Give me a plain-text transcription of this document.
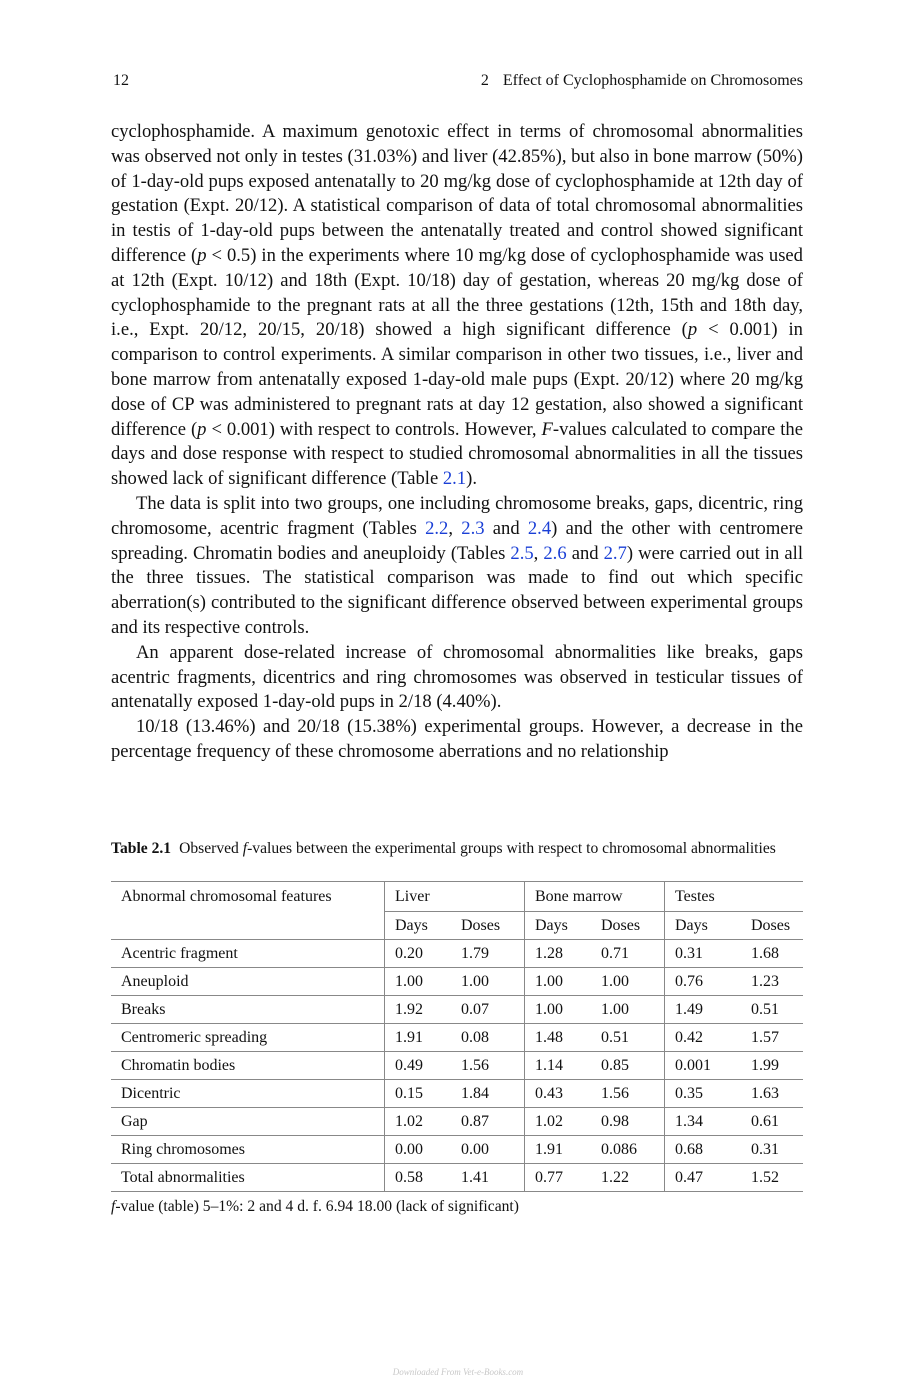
12	2 Effect of Cyclophosphamide on Chromosomes

cyclophosphamide. A maximum genotoxic effect in terms of chromosomal abnormalities was observed not only in testes (31.03%) and liver (42.85%), but also in bone marrow (50%) of 1-day-old pups exposed antenatally to 20 mg/kg dose of cyclophosphamide at 12th day of gestation (Expt. 20/12). A statistical comparison of data of total chromosomal abnormalities in testis of 1-day-old pups between the antenatally treated and control showed significant difference (p < 0.5) in the experiments where 10 mg/kg dose of cyclophosphamide was used at 12th (Expt. 10/12) and 18th (Expt. 10/18) day of gestation, whereas 20 mg/kg dose of cyclophosphamide to the pregnant rats at all the three gestations (12th, 15th and 18th day, i.e., Expt. 20/12, 20/15, 20/18) showed a high significant difference (p < 0.001) in comparison to control experiments. A similar comparison in other two tissues, i.e., liver and bone marrow from antenatally exposed 1-day-old male pups (Expt. 20/12) where 20 mg/kg dose of CP was administered to pregnant rats at day 12 gestation, also showed a significant difference (p < 0.001) with respect to controls. However, F-values calculated to compare the days and dose response with respect to studied chromosomal abnormalities in all the tissues showed lack of significant difference (Table 2.1).

The data is split into two groups, one including chromosome breaks, gaps, dicentric, ring chromosome, acentric fragment (Tables 2.2, 2.3 and 2.4) and the other with centromere spreading. Chromatin bodies and aneuploidy (Tables 2.5, 2.6 and 2.7) were carried out in all the three tissues. The statistical comparison was made to find out which specific aberration(s) contributed to the significant difference observed between experimental groups and its respective controls.

An apparent dose-related increase of chromosomal abnormalities like breaks, gaps acentric fragments, dicentrics and ring chromosomes was observed in testicular tissues of antenatally exposed 1-day-old pups in 2/18 (4.40%).

10/18 (13.46%) and 20/18 (15.38%) experimental groups. However, a decrease in the percentage frequency of these chromosome aberrations and no relationship

Table 2.1 Observed f-values between the experimental groups with respect to chromosomal abnormalities
Abnormal chromosomal features	Liver		Bone marrow		Testes	
	Days	Doses	Days	Doses	Days	Doses
Acentric fragment	0.20	1.79	1.28	0.71	0.31	1.68
Aneuploid	1.00	1.00	1.00	1.00	0.76	1.23
Breaks	1.92	0.07	1.00	1.00	1.49	0.51
Centromeric spreading	1.91	0.08	1.48	0.51	0.42	1.57
Chromatin bodies	0.49	1.56	1.14	0.85	0.001	1.99
Dicentric	0.15	1.84	0.43	1.56	0.35	1.63
Gap	1.02	0.87	1.02	0.98	1.34	0.61
Ring chromosomes	0.00	0.00	1.91	0.086	0.68	0.31
Total abnormalities	0.58	1.41	0.77	1.22	0.47	1.52
f-value (table) 5–1%: 2 and 4 d. f. 6.94 18.00 (lack of significant)
Downloaded From Vet-e-Books.com
